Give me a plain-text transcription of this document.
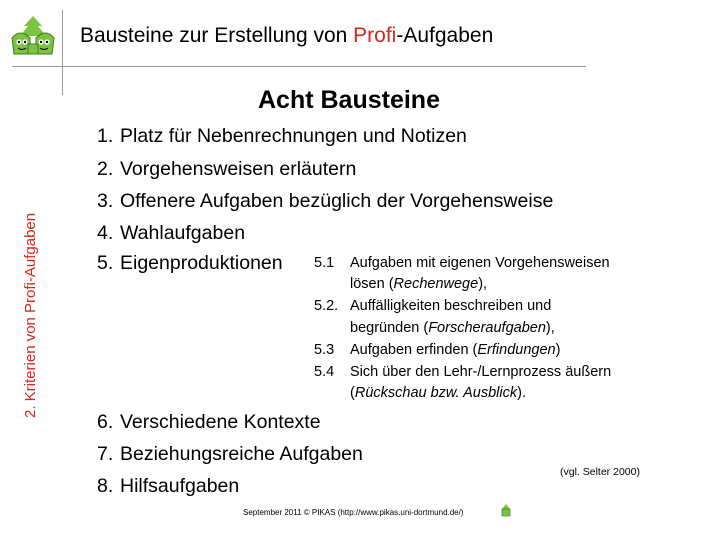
Bausteine zur Erstellung von Profi-Aufgaben
2. Kriterien von Profi-Aufgaben
Acht Bausteine
1. Platz für Nebenrechnungen und Notizen
2. Vorgehensweisen erläutern
3. Offenere Aufgaben bezüglich der Vorgehensweise
4. Wahlaufgaben
5. Eigenproduktionen 5.1 Aufgaben mit eigenen Vorgehensweisen
lösen (Rechenwege),
5.2. Auffälligkeiten beschreiben und
begründen (Forscheraufgaben),
5.3 Aufgaben erfinden (Erfindungen)
5.4 Sich über den Lehr-/Lernprozess äußern
(Rückschau bzw. Ausblick).
6. Verschiedene Kontexte
7. Beziehungsreiche Aufgaben
8. Hilfsaufgaben
(vgl. Selter 2000)
September 2011 © PIKAS (http://www.pikas.uni-dortmund.de/)
